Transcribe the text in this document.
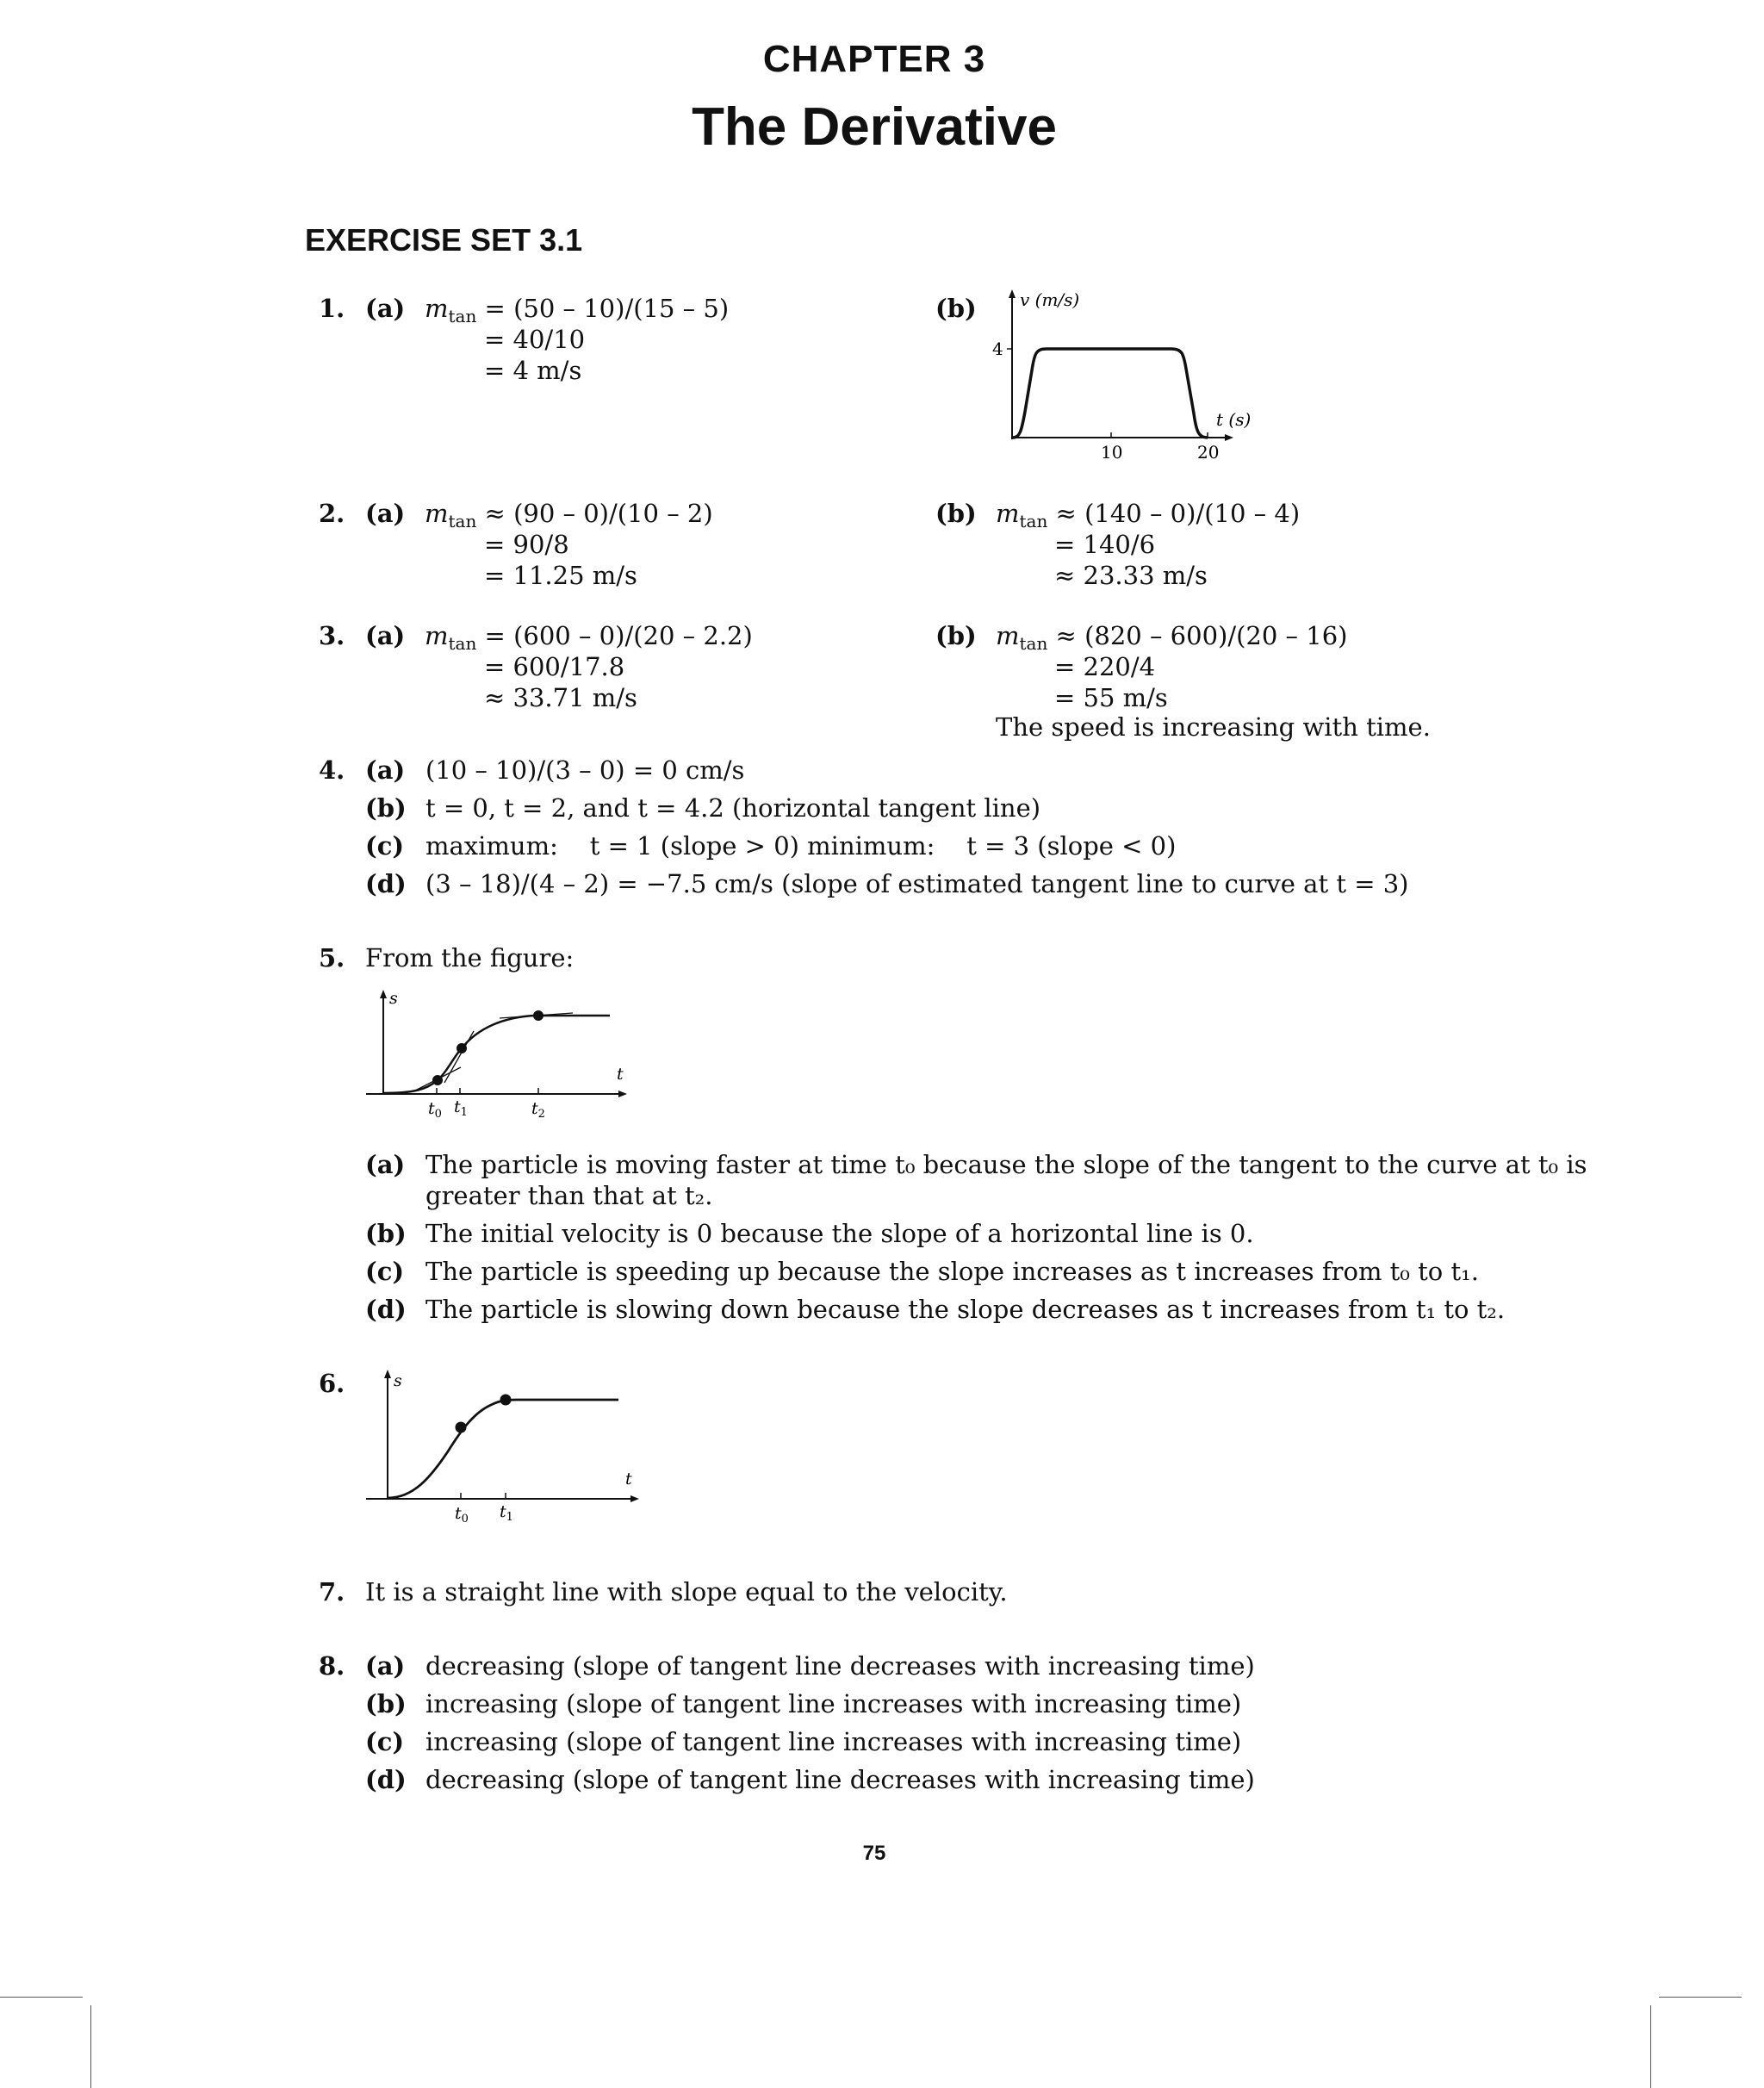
CHAPTER 3
The Derivative
EXERCISE SET 3.1
1. (a) $m_{tan} = (50 - 10)/(15 - 5)$
= 40/10
= 4 m/s
(b)	v (m/s)
4
10	20
t (s)
2. (a) $m_{tan} \approx (90 - 0)/(10 - 2)$
= 90/8
= 11.25 m/s
(b) $m_{tan} \approx (140 - 0)/(10 - 4)$
= 140/6
≈ 23.33 m/s
3. (a) $m_{tan} = (600 - 0)/(20 - 2.2)$
= 600/17.8
≈ 33.71 m/s
(b) $m_{tan} \approx (820 - 600)/(20 - 16)$
= 220/4
= 55 m/s
The speed is increasing with time.
4. (a) (10 – 10)/(3 – 0) = 0 cm/s
(b) t = 0, t = 2, and t = 4.2 (horizontal tangent line)
(c) maximum:    t = 1 (slope > 0) minimum:    t = 3 (slope < 0)
(d) (3 – 18)/(4 – 2) = −7.5 cm/s (slope of estimated tangent line to curve at t = 3)
5. From the figure:
s
t
$t_0$ $t_1$	$t_2$
(a) The particle is moving faster at time t₀ because the slope of the tangent to the curve at t₀ is
greater than that at t₂.
(b) The initial velocity is 0 because the slope of a horizontal line is 0.
(c) The particle is speeding up because the slope increases as t increases from t₀ to t₁.
(d) The particle is slowing down because the slope decreases as t increases from t₁ to t₂.
6.	s
t
$t_0$ $t_1$
7. It is a straight line with slope equal to the velocity.
8. (a) decreasing (slope of tangent line decreases with increasing time)
(b) increasing (slope of tangent line increases with increasing time)
(c) increasing (slope of tangent line increases with increasing time)
(d) decreasing (slope of tangent line decreases with increasing time)
75
